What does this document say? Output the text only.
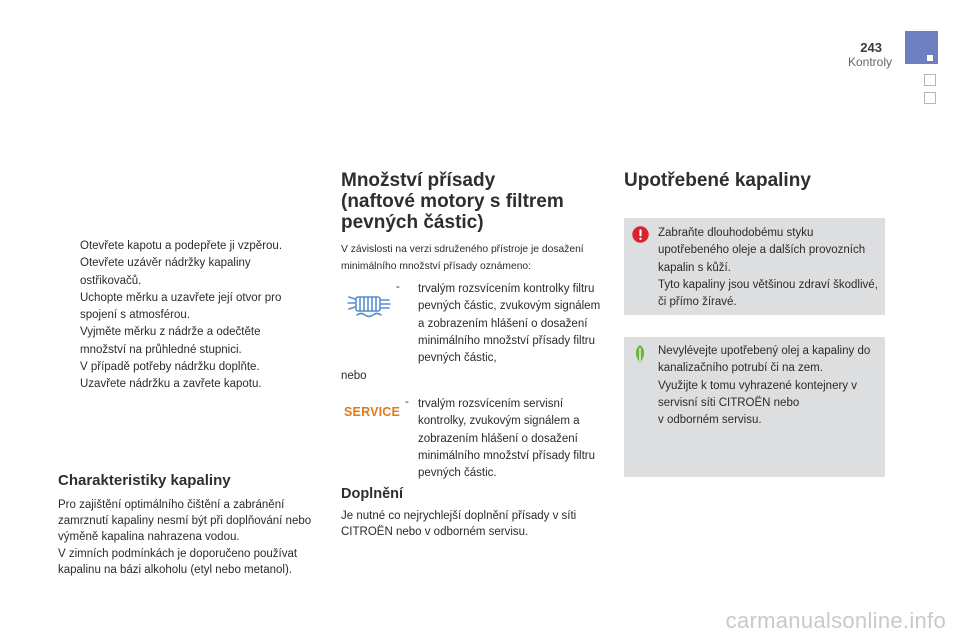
243
Kontroly
Otevřete kapotu a podepřete ji vzpěrou.
Otevřete uzávěr nádržky kapaliny ostřikovačů.
Uchopte měrku a uzavřete její otvor pro spojení s atmosférou.
Vyjměte měrku z nádrže a odečtěte množství na průhledné stupnici.
V případě potřeby nádržku doplňte.
Uzavřete nádržku a zavřete kapotu.
Charakteristiky kapaliny
Pro zajištění optimálního čištění a zabránění zamrznutí kapaliny nesmí být při doplňování nebo výměně kapalina nahrazena vodou.
V zimních podmínkách je doporučeno používat kapalinu na bázi alkoholu (etyl nebo metanol).
Množství přísady
(naftové motory s filtrem
pevných částic)
V závislosti na verzi sdruženého přístroje je dosažení minimálního množství přísady oznámeno:
- trvalým rozsvícením kontrolky filtru pevných částic, zvukovým signálem a zobrazením hlášení o dosažení minimálního množství přísady filtru pevných částic,
nebo
SERVICE
- trvalým rozsvícením servisní kontrolky, zvukovým signálem a zobrazením hlášení o dosažení minimálního množství přísady filtru pevných částic.
Doplnění
Je nutné co nejrychlejší doplnění přísady v síti CITROËN nebo v odborném servisu.
Upotřebené kapaliny
Zabraňte dlouhodobému styku upotřebeného oleje a dalších provozních kapalin s kůží.
Tyto kapaliny jsou většinou zdraví škodlivé, či přímo žíravé.
Nevylévejte upotřebený olej a kapaliny do kanalizačního potrubí či na zem.
Využijte k tomu vyhrazené kontejnery v servisní síti CITROËN nebo
v odborném servisu.
carmanualsonline.info
